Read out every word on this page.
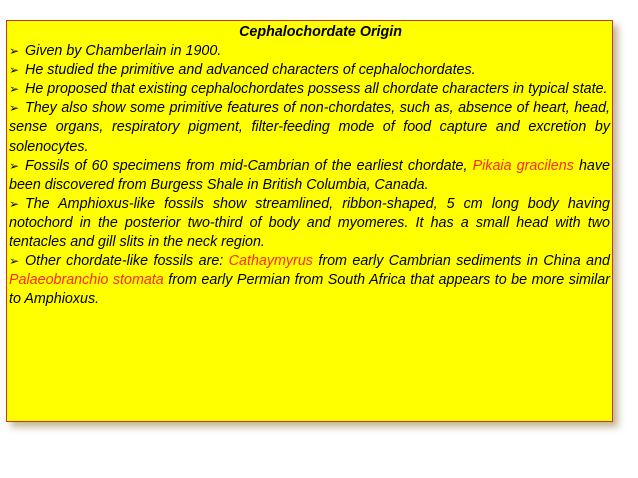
Cephalochordate Origin

➢ Given by Chamberlain in 1900.

➢ He studied the primitive and advanced characters of cephalochordates.

➢ He proposed that existing cephalochordates possess all chordate characters in typical state.

➢ They also show some primitive features of non-chordates, such as, absence of heart, head, sense organs, respiratory pigment, filter-feeding mode of food capture and excretion by solenocytes.

➢ Fossils of 60 specimens from mid-Cambrian of the earliest chordate, Pikaia gracilens have been discovered from Burgess Shale in British Columbia, Canada.

➢ The Amphioxus-like fossils show streamlined, ribbon-shaped, 5 cm long body having notochord in the posterior two-third of body and myomeres. It has a small head with two tentacles and gill slits in the neck region.

➢ Other chordate-like fossils are: Cathaymyrus from early Cambrian sediments in China and Palaeobranchio stomata from early Permian from South Africa that appears to be more similar to Amphioxus.
